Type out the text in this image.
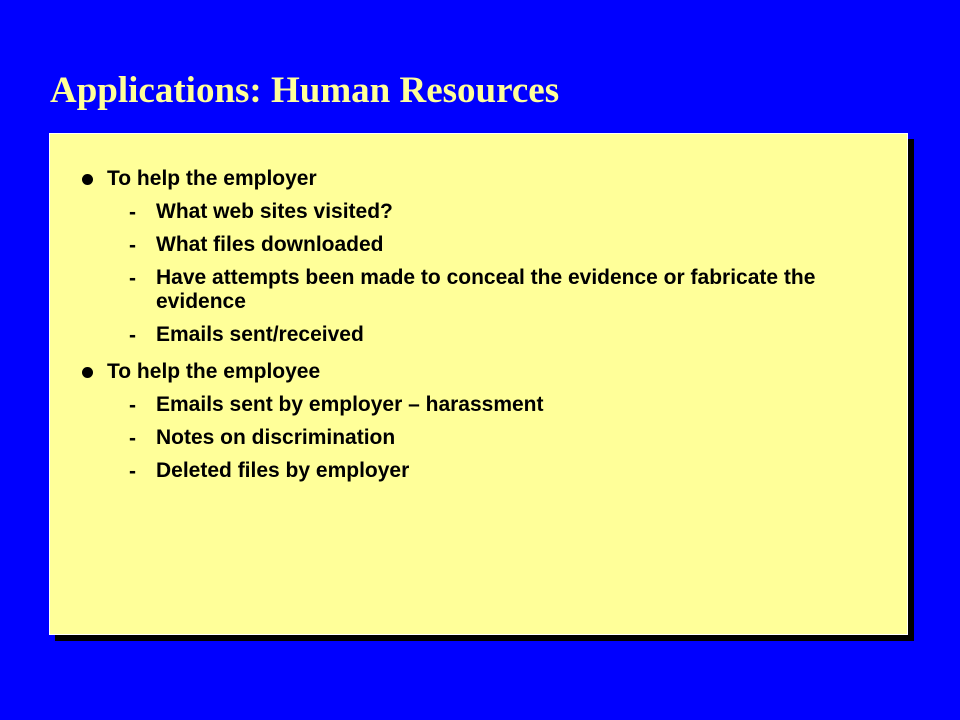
Applications: Human Resources
To help the employer
- What web sites visited?
- What files downloaded
- Have attempts been made to conceal the evidence or fabricate the evidence
- Emails sent/received
To help the employee
- Emails sent by employer – harassment
- Notes on discrimination
- Deleted files by employer
